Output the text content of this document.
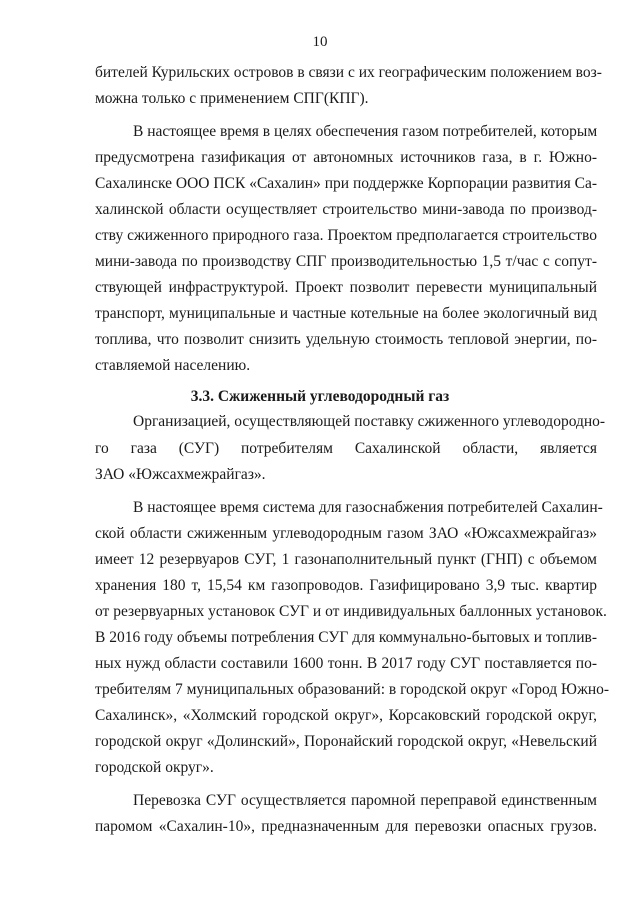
10
бителей Курильских островов в связи с их географическим положением воз-
можна только с применением СПГ(КПГ).
В настоящее время в целях обеспечения газом потребителей, которым
предусмотрена газификация от автономных источников газа, в г. Южно-
Сахалинске ООО ПСК «Сахалин» при поддержке Корпорации развития Са-
халинской области осуществляет строительство мини-завода по производ-
ству сжиженного природного газа. Проектом предполагается строительство
мини-завода по производству СПГ производительностью 1,5 т/час с сопут-
ствующей инфраструктурой. Проект позволит перевести муниципальный
транспорт, муниципальные и частные котельные на более экологичный вид
топлива, что позволит снизить удельную стоимость тепловой энергии, по-
ставляемой населению.
3.3. Сжиженный углеводородный газ
Организацией, осуществляющей поставку сжиженного углеводородно-
го газа (СУГ) потребителям Сахалинской области, является
ЗАО «Южсахмежрайгаз».
В настоящее время система для газоснабжения потребителей Сахалин-
ской области сжиженным углеводородным газом ЗАО «Южсахмежрайгаз»
имеет 12 резервуаров СУГ, 1 газонаполнительный пункт (ГНП) с объемом
хранения 180 т, 15,54 км газопроводов. Газифицировано 3,9 тыс. квартир
от резервуарных установок СУГ и от индивидуальных баллонных установок.
В 2016 году объемы потребления СУГ для коммунально-бытовых и топлив-
ных нужд области составили 1600 тонн. В 2017 году СУГ поставляется по-
требителям 7 муниципальных образований: в городской округ «Город Южно-
Сахалинск», «Холмский городской округ», Корсаковский городской округ,
городской округ «Долинский», Поронайский городской округ, «Невельский
городской округ».
Перевозка СУГ осуществляется паромной переправой единственным
паромом «Сахалин-10», предназначенным для перевозки опасных грузов.
